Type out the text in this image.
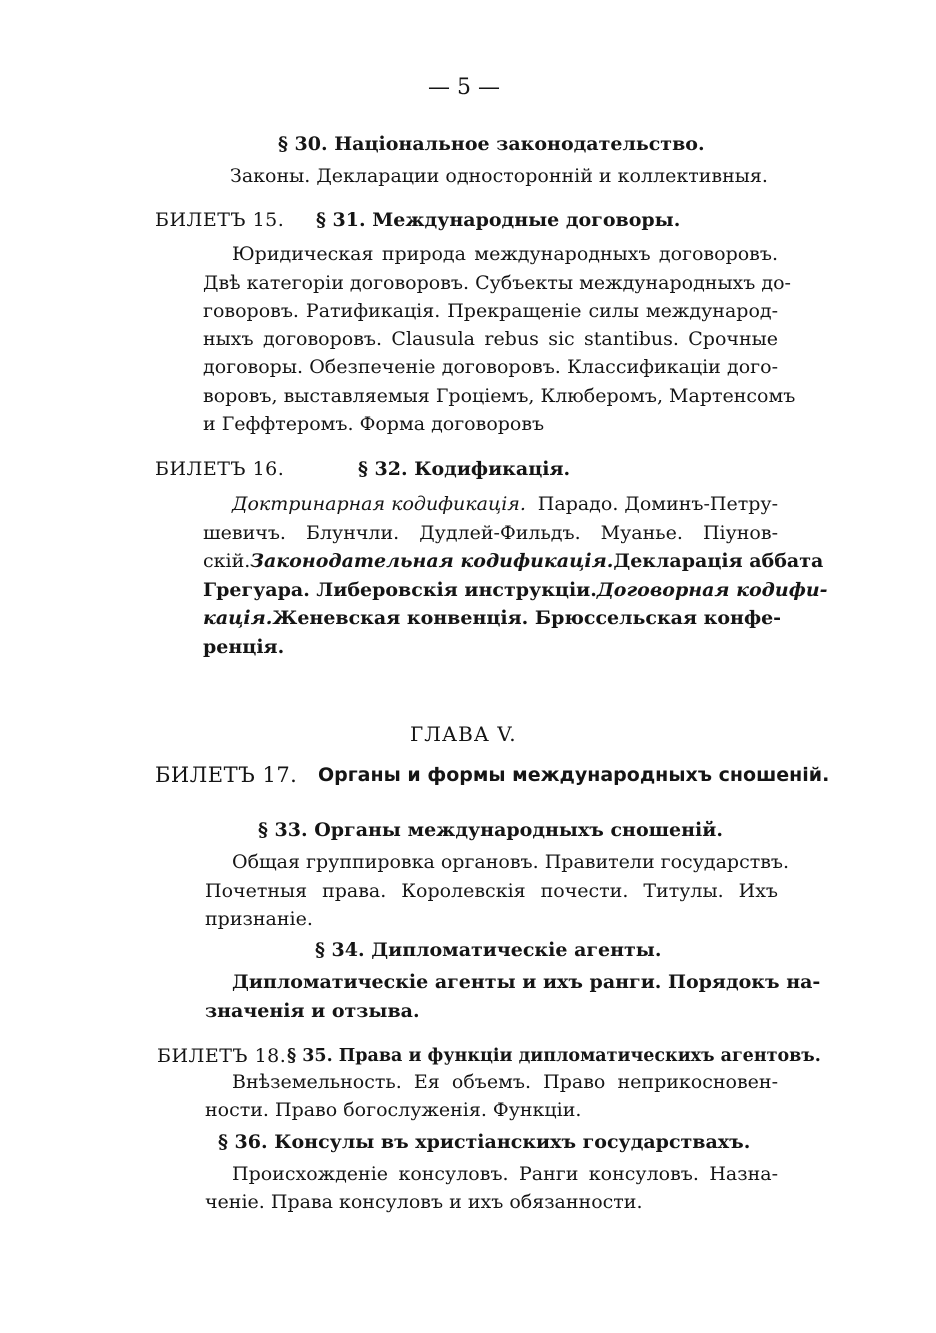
— 5 —
§ 30. Національное законодательство.
Законы. Декларации односторонній и коллективныя.
БИЛЕТЪ 15. § 31. Международные договоры.
Юридическая природа международныхъ договоровъ.
Двѣ категоріи договоровъ. Субъекты международныхъ до-
говоровъ. Ратификація. Прекращеніе силы международ-
ныхъ договоровъ. Clausula rebus sic stantibus. Срочные
договоры. Обезпеченіе договоровъ. Классификаціи дого-
воровъ, выставляемыя Гроціемъ, Клюберомъ, Мартенсомъ
и Геффтеромъ. Форма договоровъ
БИЛЕТЪ 16.	§ 32. Кодификація.
Доктринарная кодификація. Парадо. Доминъ-Петру-
шевичъ. Блунчли. Дудлей-Фильдъ. Муанье. Піунов-
скій. Законодательная кодификація. Декларація аббата
Грегуара. Либеровскія инструкціи. Договорная кодифи-
кація. Женевская конвенція. Брюссельская конфе-
ренція.
ГЛАВА V.
БИЛЕТЪ 17. Органы и формы международныхъ сношеній.
§ 33. Органы международныхъ сношеній.
Общая группировка органовъ. Правители государствъ.
Почетныя права. Королевскія почести. Титулы. Ихъ
признаніе.
§ 34. Дипломатическіе агенты.
Дипломатическіе агенты и ихъ ранги. Порядокъ на-
значенія и отзыва.
БИЛЕТЪ 18. § 35. Права и функціи дипломатическихъ агентовъ.
Внѣземельность. Ея объемъ. Право неприкосновен-
ности. Право богослуженія. Функціи.
§ 36. Консулы въ христіанскихъ государствахъ.
Происхожденіе консуловъ. Ранги консуловъ. Назна-
ченіе. Права консуловъ и ихъ обязанности.
